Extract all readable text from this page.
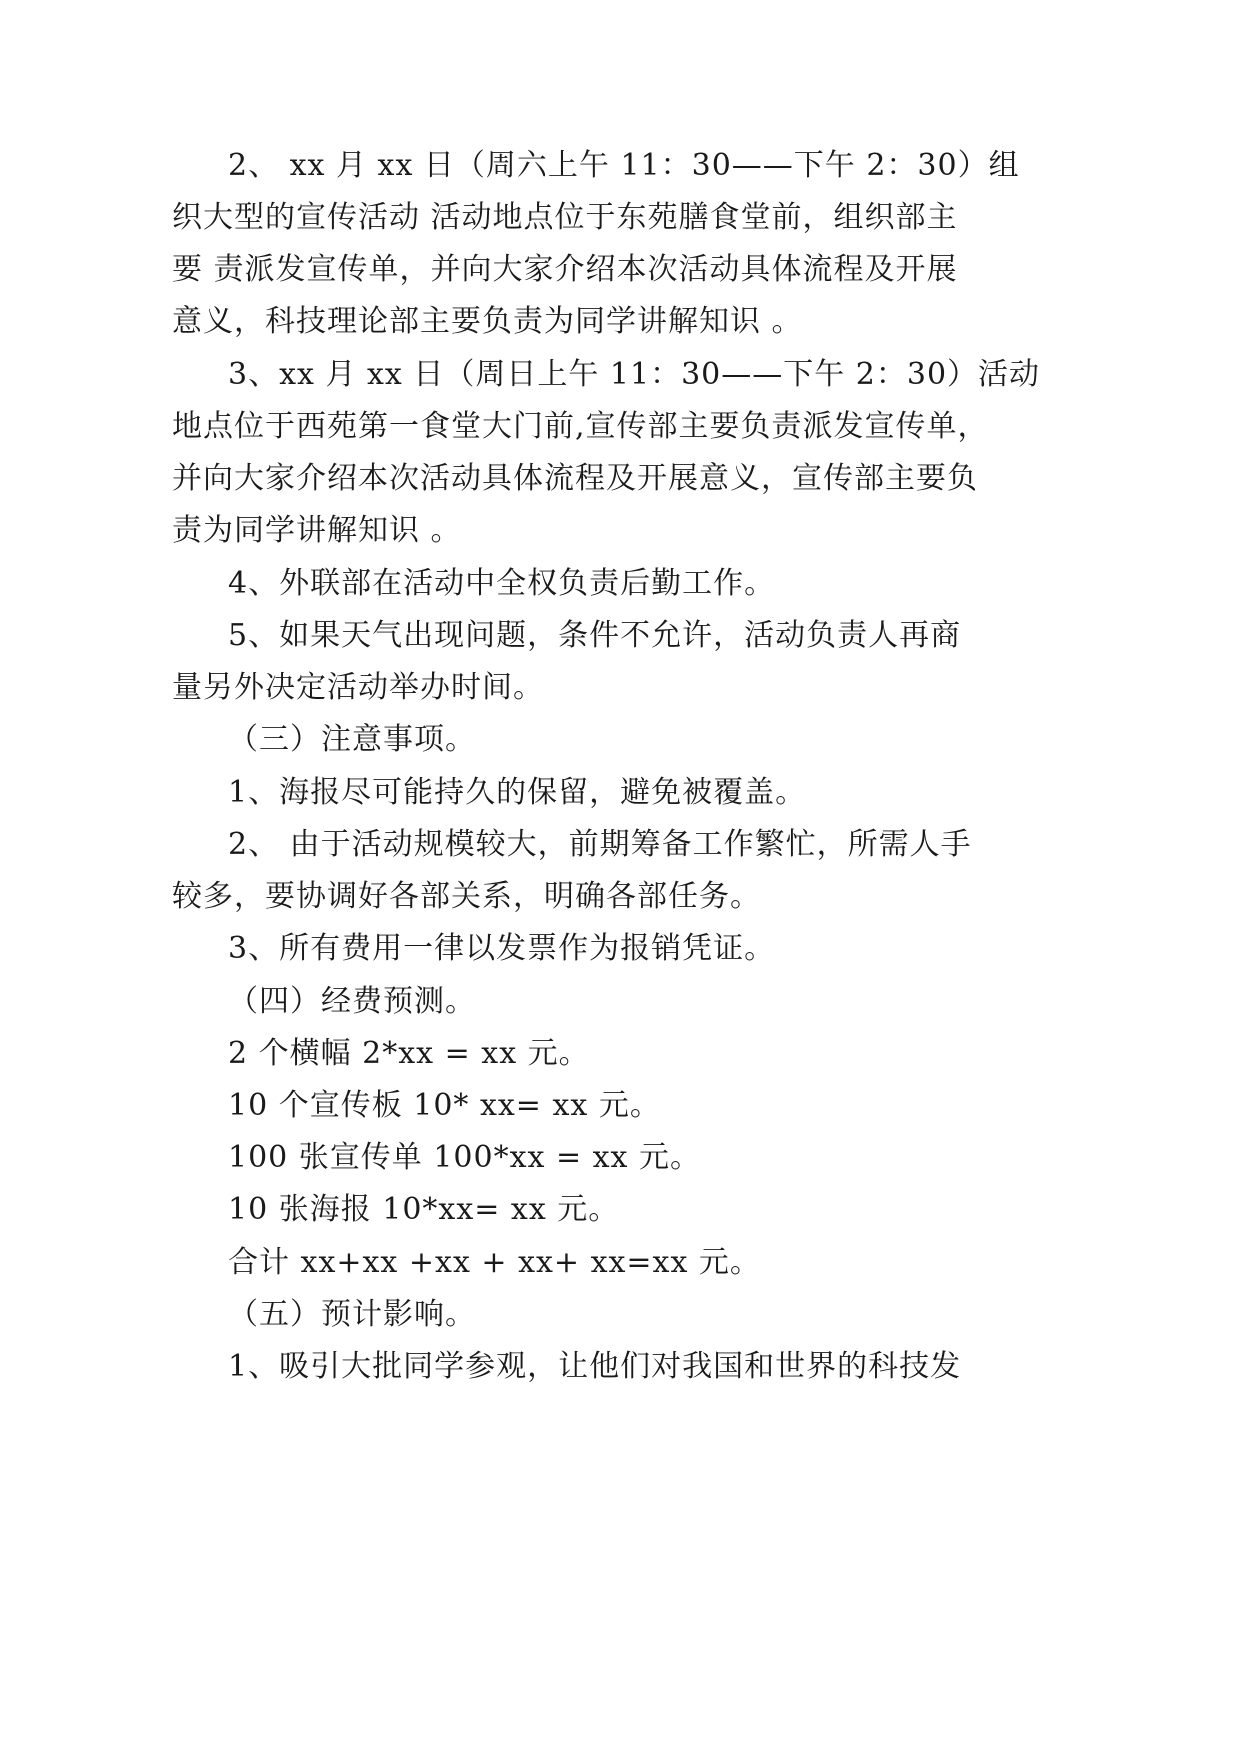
2、 xx 月 xx 日（周六上午 11：30——下午 2：30）组
织大型的宣传活动 活动地点位于东苑膳食堂前，组织部主
要 责派发宣传单，并向大家介绍本次活动具体流程及开展
意义，科技理论部主要负责为同学讲解知识 。
3、xx 月 xx 日（周日上午 11：30——下午 2：30）活动
地点位于西苑第一食堂大门前,宣传部主要负责派发宣传单，
并向大家介绍本次活动具体流程及开展意义，宣传部主要负
责为同学讲解知识 。
4、外联部在活动中全权负责后勤工作。
5、如果天气出现问题，条件不允许，活动负责人再商
量另外决定活动举办时间。
（三）注意事项。
1、海报尽可能持久的保留，避免被覆盖。
2、 由于活动规模较大，前期筹备工作繁忙，所需人手
较多，要协调好各部关系，明确各部任务。
3、所有费用一律以发票作为报销凭证。
（四）经费预测。
2 个横幅 2*xx = xx 元。
10 个宣传板 10* xx= xx 元。
100 张宣传单 100*xx = xx 元。
10 张海报 10*xx= xx 元。
合计 xx+xx +xx + xx+ xx=xx 元。
（五）预计影响。
1、吸引大批同学参观，让他们对我国和世界的科技发
